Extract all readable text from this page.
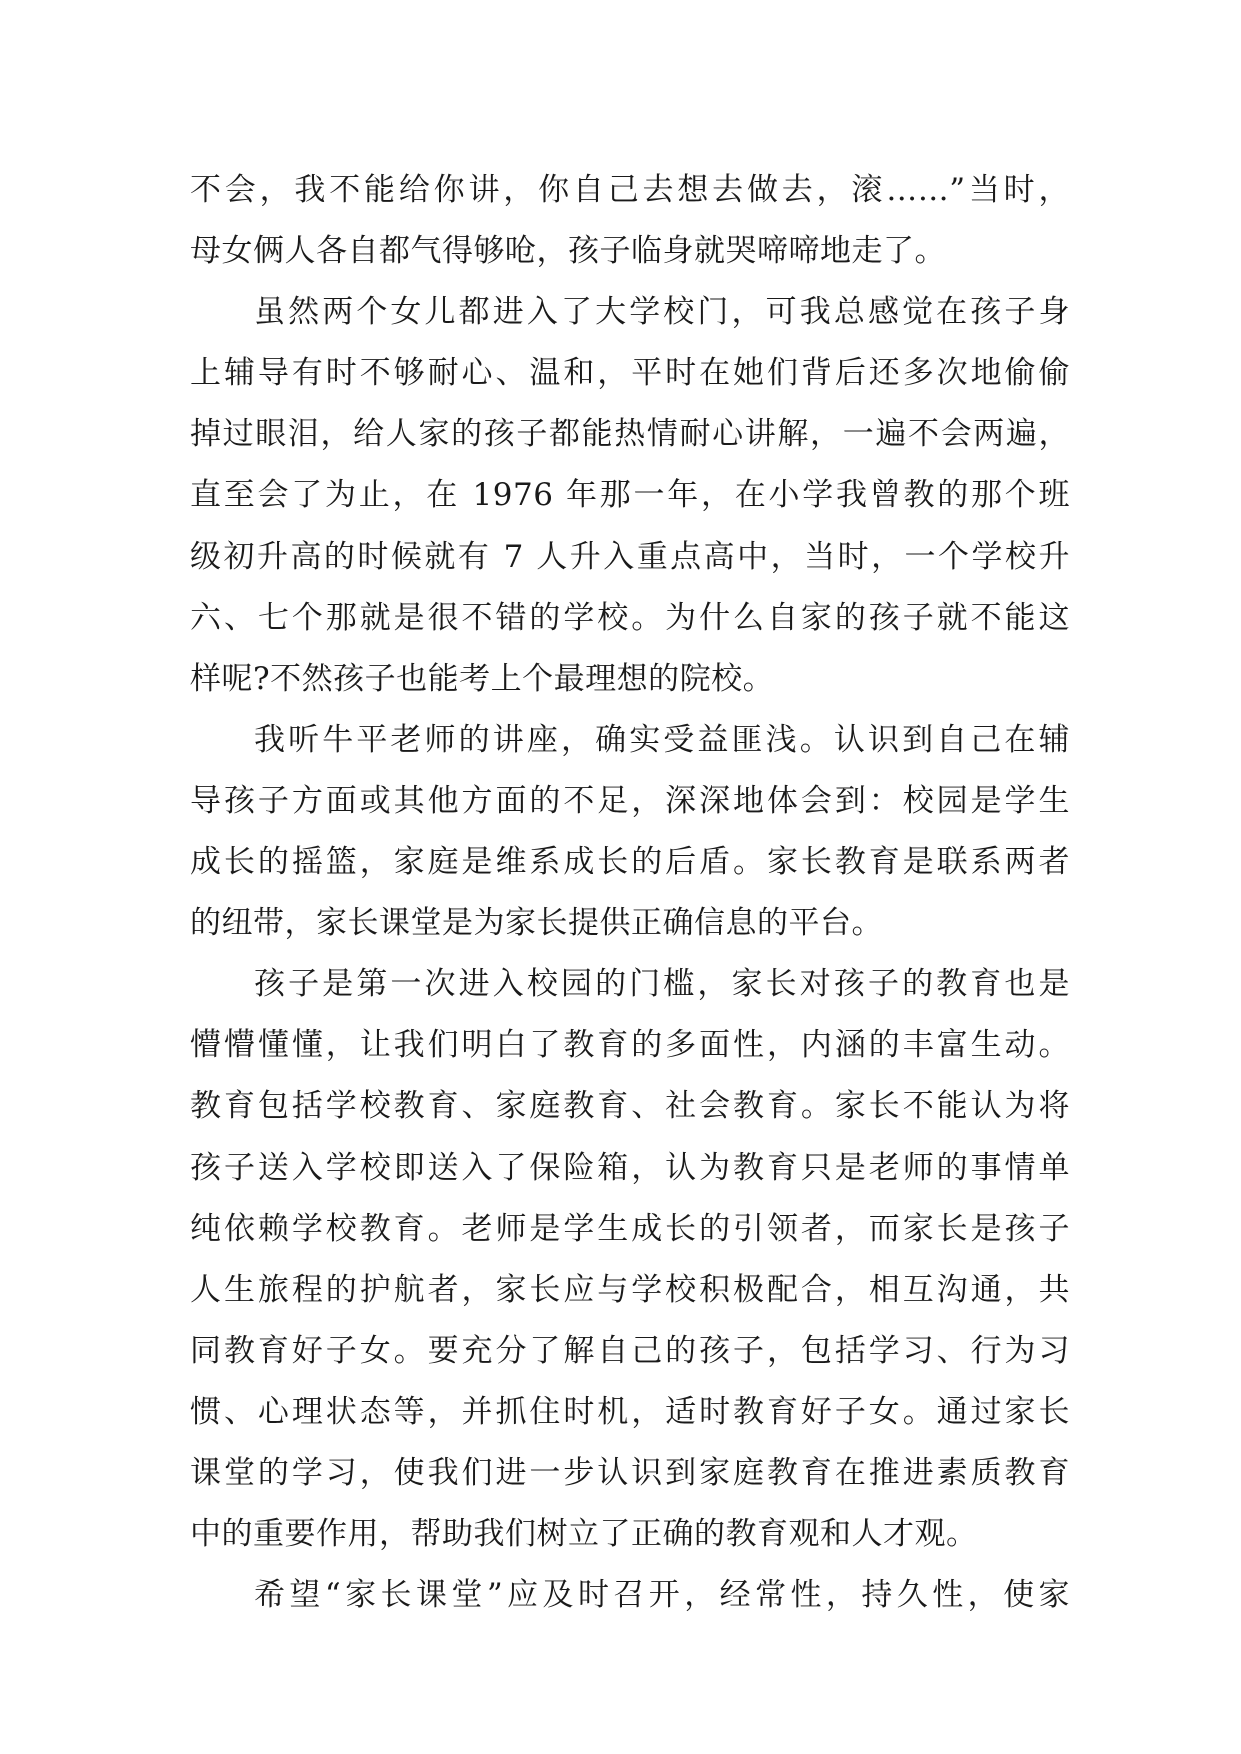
不会，我不能给你讲，你自己去想去做去，滚……”当时，
母女俩人各自都气得够呛，孩子临身就哭啼啼地走了。
虽然两个女儿都进入了大学校门，可我总感觉在孩子身
上辅导有时不够耐心、温和，平时在她们背后还多次地偷偷
掉过眼泪，给人家的孩子都能热情耐心讲解，一遍不会两遍，
直至会了为止，在 1976 年那一年，在小学我曾教的那个班
级初升高的时候就有 7 人升入重点高中，当时，一个学校升
六、七个那就是很不错的学校。为什么自家的孩子就不能这
样呢?不然孩子也能考上个最理想的院校。
我听牛平老师的讲座，确实受益匪浅。认识到自己在辅
导孩子方面或其他方面的不足，深深地体会到：校园是学生
成长的摇篮，家庭是维系成长的后盾。家长教育是联系两者
的纽带，家长课堂是为家长提供正确信息的平台。
孩子是第一次进入校园的门槛，家长对孩子的教育也是
懵懵懂懂，让我们明白了教育的多面性，内涵的丰富生动。
教育包括学校教育、家庭教育、社会教育。家长不能认为将
孩子送入学校即送入了保险箱，认为教育只是老师的事情单
纯依赖学校教育。老师是学生成长的引领者，而家长是孩子
人生旅程的护航者，家长应与学校积极配合，相互沟通，共
同教育好子女。要充分了解自己的孩子，包括学习、行为习
惯、心理状态等，并抓住时机，适时教育好子女。通过家长
课堂的学习，使我们进一步认识到家庭教育在推进素质教育
中的重要作用，帮助我们树立了正确的教育观和人才观。
希望“家长课堂”应及时召开，经常性，持久性，使家
